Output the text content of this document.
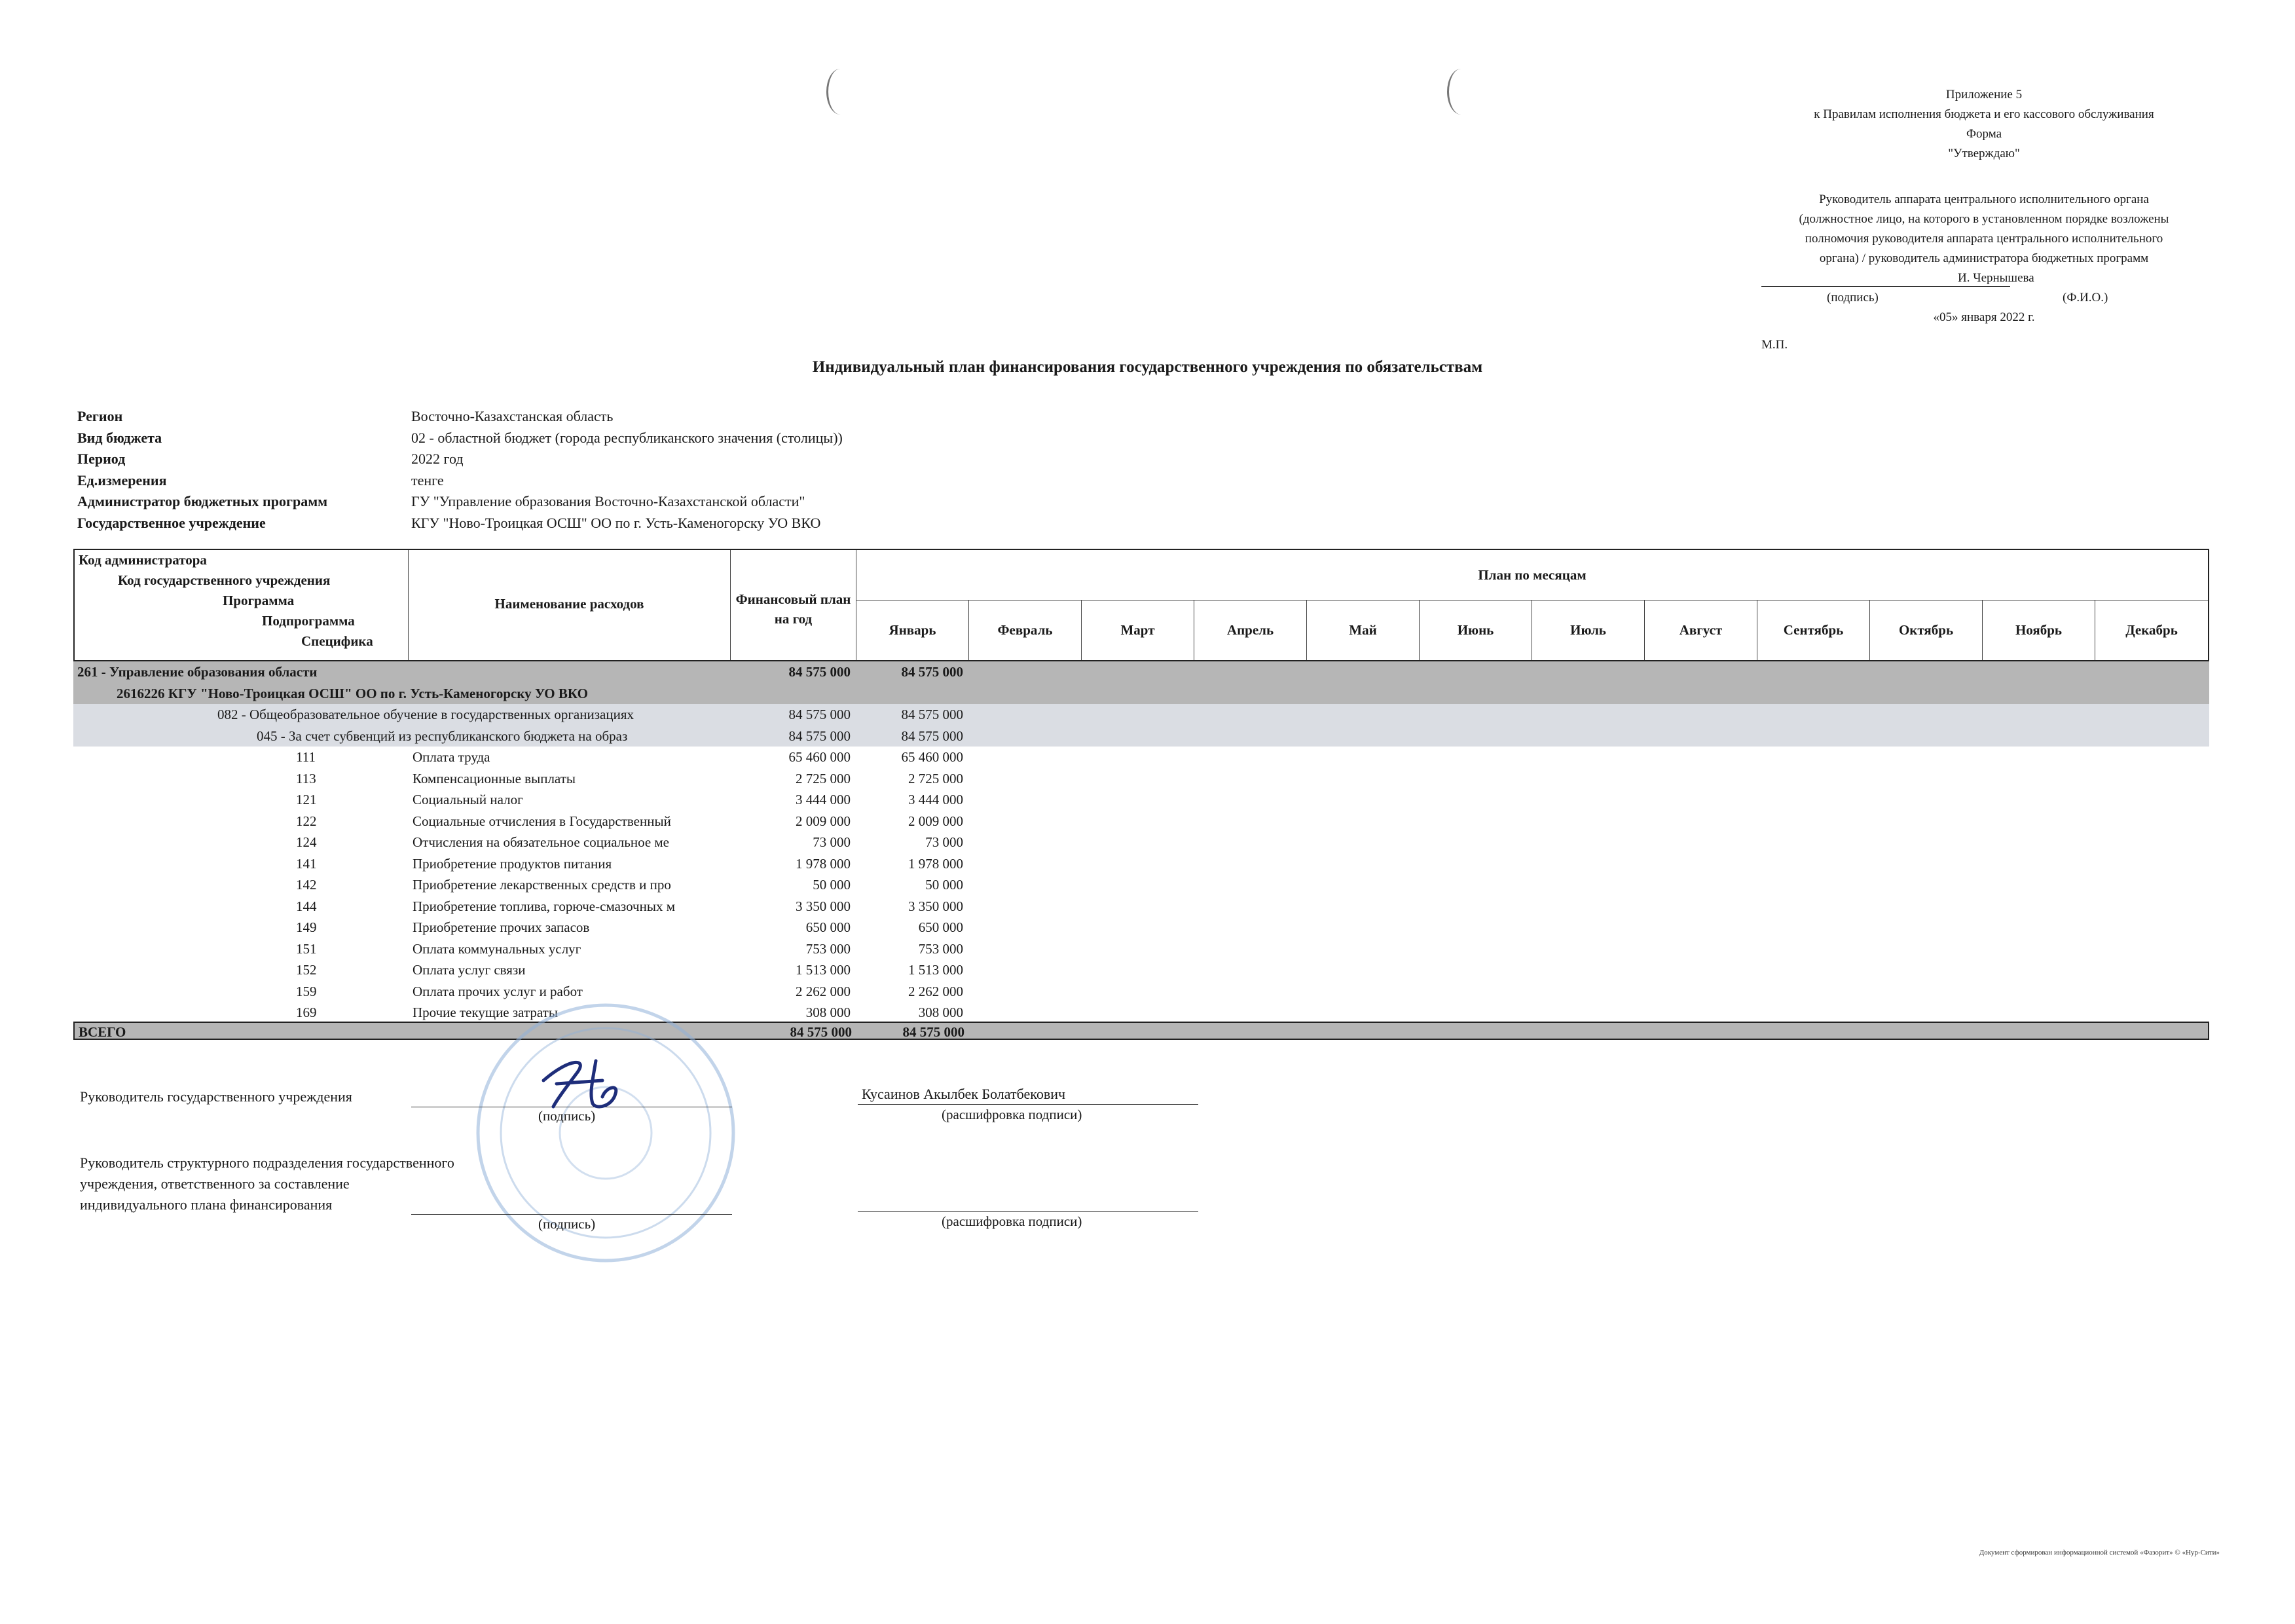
Приложение 5
к Правилам исполнения бюджета и его кассового обслуживания
Форма
"Утверждаю"
Руководитель аппарата центрального исполнительного органа
(должностное лицо, на которого в установленном порядке возложены
полномочия руководителя аппарата центрального исполнительного
органа) / руководитель администратора бюджетных программ
И. Чернышева
(подпись)	(Ф.И.О.)
«05» января 2022 г.
М.П.
Индивидуальный план финансирования государственного учреждения по обязательствам
Регион	Восточно-Казахстанская область
Вид бюджета	02 - областной бюджет (города республиканского значения (столицы))
Период	2022 год
Ед.измерения	тенге
Администратор бюджетных программ	ГУ "Управление образования Восточно-Казахстанской области"
Государственное учреждение	КГУ "Ново-Троицкая ОСШ" ОО по г. Усть-Каменогорску УО ВКО
Код администратора
Код государственного учреждения
Программа
Подпрограмма
Специфика
Наименование расходов	Финансовый план на год
План по месяцам
Январь	Февраль	Март	Апрель	Май	Июнь	Июль	Август	Сентябрь	Октябрь	Ноябрь	Декабрь
261 - Управление образования области	84 575 000	84 575 000
2616226 КГУ "Ново-Троицкая ОСШ" ОО по г. Усть-Каменогорску УО ВКО
082 - Общеобразовательное обучение в государственных организациях	84 575 000	84 575 000
045 - За счет субвенций из республиканского бюджета на образ	84 575 000	84 575 000
111	Оплата труда	65 460 000	65 460 000
113	Компенсационные выплаты	2 725 000	2 725 000
121	Социальный налог	3 444 000	3 444 000
122	Социальные отчисления в Государственный	2 009 000	2 009 000
124	Отчисления на обязательное социальное ме	73 000	73 000
141	Приобретение продуктов питания	1 978 000	1 978 000
142	Приобретение лекарственных средств и про	50 000	50 000
144	Приобретение топлива, горюче-смазочных м	3 350 000	3 350 000
149	Приобретение прочих запасов	650 000	650 000
151	Оплата коммунальных услуг	753 000	753 000
152	Оплата услуг связи	1 513 000	1 513 000
159	Оплата прочих услуг и работ	2 262 000	2 262 000
169	Прочие текущие затраты	308 000	308 000
ВСЕГО	84 575 000	84 575 000
Руководитель государственного учреждения
(подпись)
Кусаинов Акылбек Болатбекович
(расшифровка подписи)
Руководитель структурного подразделения государственного
учреждения, ответственного за составление
индивидуального плана финансирования
(подпись)	(расшифровка подписи)
Документ сформирован информационной системой «Фазорит» © «Нур-Сити»
